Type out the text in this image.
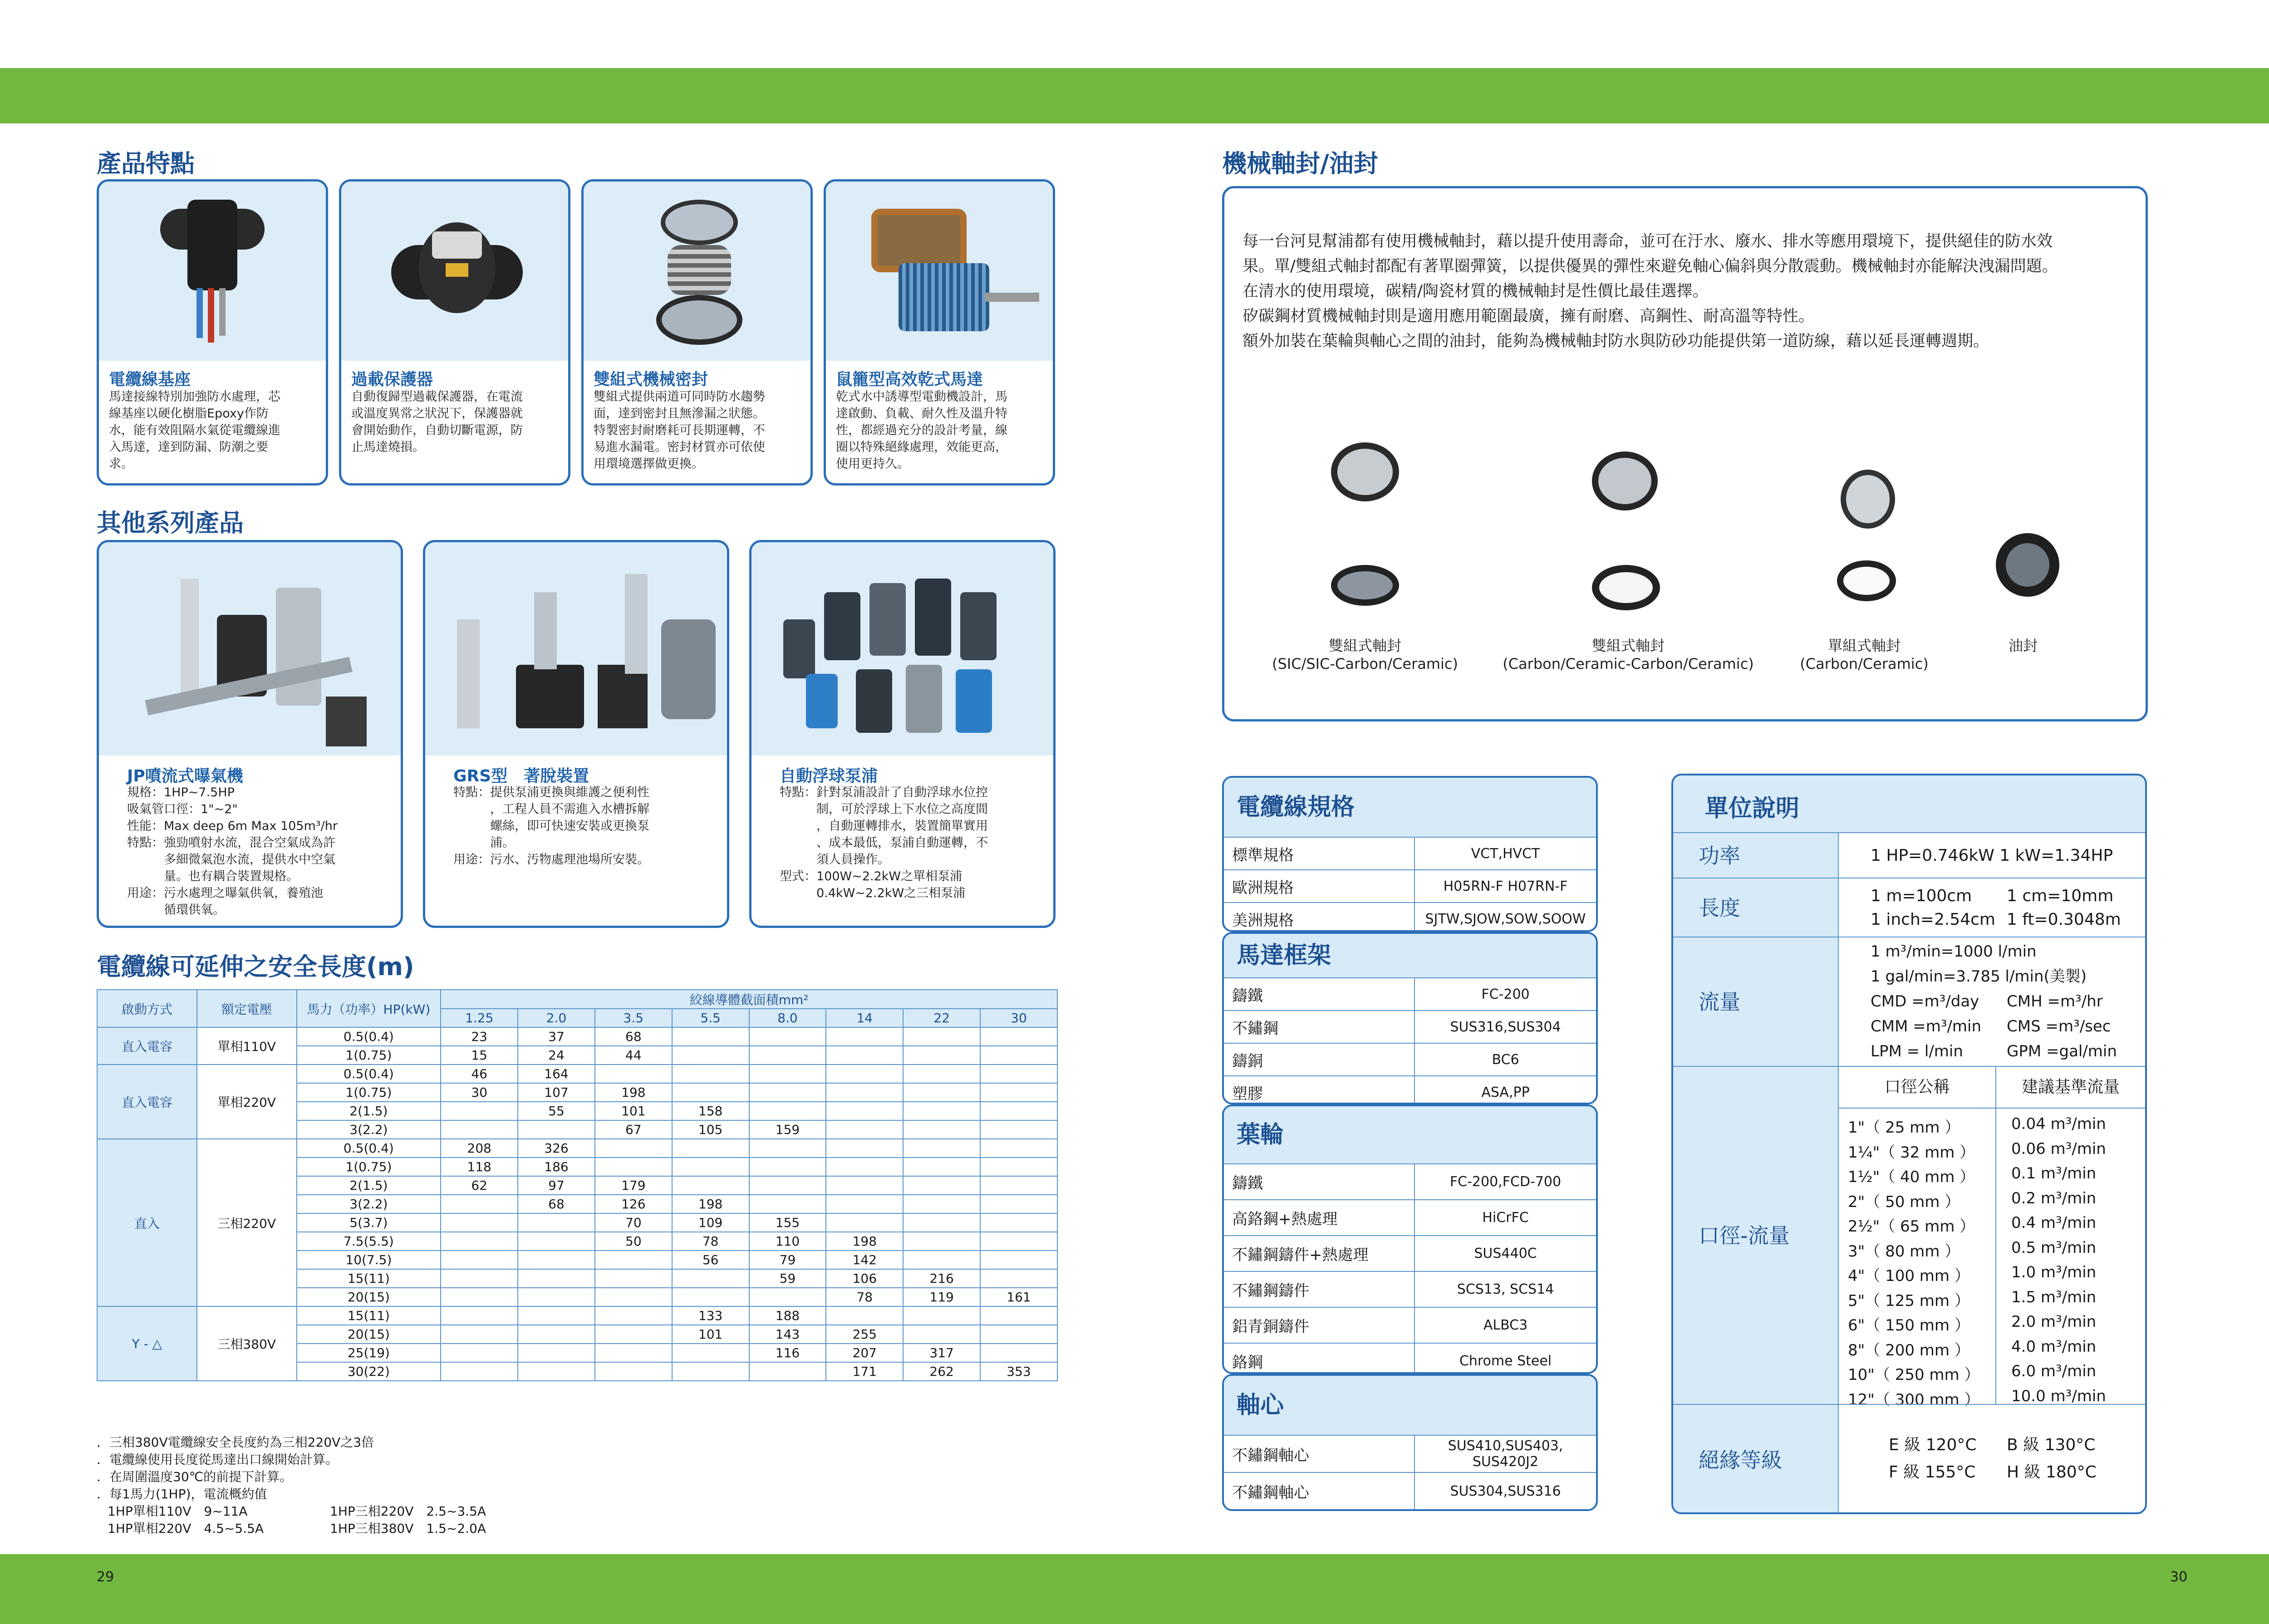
29	30
產品特點
電纜線基座
馬達接線特別加強防水處理，芯
線基座以硬化樹脂Epoxy作防
水，能有效阻隔水氣從電纜線進
入馬達，達到防漏、防潮之要
求。
過載保護器
自動復歸型過載保護器，在電流
或溫度異常之狀況下，保護器就
會開始動作，自動切斷電源，防
止馬達燒損。
雙組式機械密封
雙組式提供兩道可同時防水趨勢
面，達到密封且無滲漏之狀態。
特製密封耐磨耗可長期運轉，不
易進水漏電。密封材質亦可依使
用環境選擇做更換。
鼠籠型高效乾式馬達
乾式水中誘導型電動機設計，馬
達啟動、負載、耐久性及溫升特
性，都經過充分的設計考量，線
圈以特殊絕緣處理，效能更高，
使用更持久。
其他系列產品
JP噴流式曝氣機
規格：1HP~7.5HP
吸氣管口徑：1"~2"
性能：Max deep 6m Max 105m³/hr
特點：強勁噴射水流，混合空氣成為許
　　　多細微氣泡水流，提供水中空氣
　　　量。也有耦合裝置規格。
用途：污水處理之曝氣供氧，養殖池
　　　循環供氧。
GRS型　著脫裝置
特點：提供泵浦更換與維護之便利性
　　　，工程人員不需進入水槽拆解
　　　螺絲，即可快速安裝或更換泵
　　　浦。
用途：污水、汚物處理池場所安裝。
自動浮球泵浦
特點：針對泵浦設計了自動浮球水位控
　　　制，可於浮球上下水位之高度間
　　　，自動運轉排水，裝置簡單實用
　　　、成本最低，泵浦自動運轉，不
　　　須人員操作。
型式：100W~2.2kW之單相泵浦
　　　0.4kW~2.2kW之三相泵浦
電纜線可延伸之安全長度(m)
啟動方式	額定電壓	馬力（功率）HP(kW)	絞線導體截面積mm²							
			1.25	2.0	3.5	5.5	8.0	14	22	30
直入電容	單相110V	0.5(0.4)	23	37	68					
		1(0.75)	15	24	44					
直入電容	單相220V	0.5(0.4)	46	164						
		1(0.75)	30	107	198					
		2(1.5)		55	101	158				
		3(2.2)			67	105	159			
直入	三相220V	0.5(0.4)	208	326						
		1(0.75)	118	186						
		2(1.5)	62	97	179					
		3(2.2)		68	126	198				
		5(3.7)			70	109	155			
		7.5(5.5)			50	78	110	198		
		10(7.5)				56	79	142		
		15(11)					59	106	216	
		20(15)						78	119	161
Y - △	三相380V	15(11)				133	188			
		20(15)				101	143	255		
		25(19)					116	207	317	
		30(22)						171	262	353
．三相380V電纜線安全長度約為三相220V之3倍
．電纜線使用長度從馬達出口線開始計算。
．在周圍溫度30℃的前提下計算。
．每1馬力(1HP)，電流概約值
1HP單相110V　9~11A	1HP三相220V　2.5~3.5A
1HP單相220V　4.5~5.5A	1HP三相380V　1.5~2.0A
機械軸封/油封
每一台河見幫浦都有使用機械軸封，藉以提升使用壽命，並可在汙水、廢水、排水等應用環境下，提供絕佳的防水效
果。單/雙組式軸封都配有著單圈彈簧，以提供優異的彈性來避免軸心偏斜與分散震動。機械軸封亦能解決洩漏問題。
在清水的使用環境，碳精/陶瓷材質的機械軸封是性價比最佳選擇。
矽碳鋼材質機械軸封則是適用應用範圍最廣，擁有耐磨、高鋼性、耐高溫等特性。
額外加裝在葉輪與軸心之間的油封，能夠為機械軸封防水與防砂功能提供第一道防線，藉以延長運轉週期。
雙組式軸封
(SIC/SIC-Carbon/Ceramic)
雙組式軸封
(Carbon/Ceramic-Carbon/Ceramic)
單組式軸封
(Carbon/Ceramic)
油封
電纜線規格
標準規格	VCT,HVCT
歐洲規格	H05RN-F H07RN-F
美洲規格	SJTW,SJOW,SOW,SOOW
馬達框架
鑄鐵	FC-200
不鏽鋼	SUS316,SUS304
鑄銅	BC6
塑膠	ASA,PP
葉輪
鑄鐵	FC-200,FCD-700
高鉻鋼+熱處理	HiCrFC
不鏽鋼鑄件+熱處理	SUS440C
不鏽鋼鑄件	SCS13, SCS14
鋁青銅鑄件	ALBC3
鉻鋼	Chrome Steel
軸心
不鏽鋼軸心	SUS410,SUS403,
SUS420J2
不鏽鋼軸心	SUS304,SUS316
單位說明
功率	1 HP=0.746kW 1 kW=1.34HP
長度	1 m=100cm 1 cm=10mm
1 inch=2.54cm 1 ft=0.3048m
流量
1 m³/min=1000 l/min
1 gal/min=3.785 l/min(美製)
CMD =m³/day CMH =m³/hr
CMM =m³/min CMS =m³/sec
LPM = l/min	GPM =gal/min
口徑-流量
口徑公稱	建議基準流量
1"（ 25 mm ）	0.04 m³/min
1¼"（ 32 mm ） 0.06 m³/min
1½"（ 40 mm ） 0.1 m³/min
2"（ 50 mm ）	0.2 m³/min
2½"（ 65 mm ） 0.4 m³/min
3"（ 80 mm ）	0.5 m³/min
4"（ 100 mm ）	1.0 m³/min
5"（ 125 mm ）	1.5 m³/min
6"（ 150 mm ）	2.0 m³/min
8"（ 200 mm ）	4.0 m³/min
10"（ 250 mm ） 6.0 m³/min
12"（ 300 mm ） 10.0 m³/min
絕緣等級
E 級 120°C B 級 130°C
F 級 155°C H 級 180°C
